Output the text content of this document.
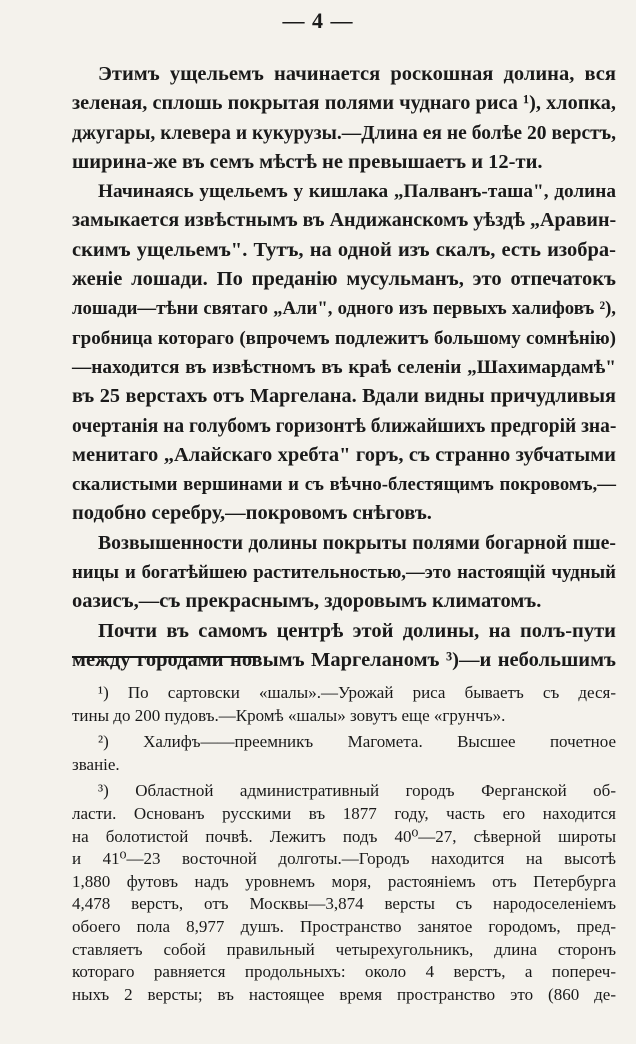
— 4 —

Этимъ ущельемъ начинается роскошная долина, вся
зеленая, сплошь покрытая полями чуднаго риса ¹), хлопка,
джугары, клевера и кукурузы.—Длина ея не болѣе 20 верстъ,
ширина-же въ семъ мѣстѣ не превышаетъ и 12-ти.

Начинаясь ущельемъ у кишлака „Палванъ-таша", долина
замыкается извѣстнымъ въ Андижанскомъ уѣздѣ „Аравин-
скимъ ущельемъ". Тутъ, на одной изъ скалъ, есть изобра-
женіе лошади. По преданію мусульманъ, это отпечатокъ
лошади—тѣни святаго „Али", одного изъ первыхъ халифовъ ²),
гробница котораго (впрочемъ подлежитъ большому сомнѣнію)
—находится въ извѣстномъ въ краѣ селеніи „Шахимардамѣ"
въ 25 верстахъ отъ Маргелана. Вдали видны причудливыя
очертанія на голубомъ горизонтѣ ближайшихъ предгорій зна-
менитаго „Алайскаго хребта" горъ, съ странно зубчатыми
скалистыми вершинами и съ вѣчно-блестящимъ покровомъ,—
подобно серебру,—покровомъ снѣговъ.

Возвышенности долины покрыты полями богарной пше-
ницы и богатѣйшею растительностью,—это настоящій чудный
оазисъ,—съ прекраснымъ, здоровымъ климатомъ.

Почти въ самомъ центрѣ этой долины, на полъ-пути
между городами новымъ Маргеланомъ ³)—и небольшимъ

¹) По сартовски «шалы».—Урожай риса бываетъ съ деся-
тины до 200 пудовъ.—Кромѣ «шалы» зовутъ еще «грунчъ».

²) Халифъ——преемникъ Магомета. Высшее почетное
званіе.

³) Областной административный городъ Ферганской об-
ласти. Основанъ русскими въ 1877 году, часть его находится
на болотистой почвѣ. Лежитъ подъ 40⁰—27, сѣверной широты
и 41⁰—23 восточной долготы.—Городъ находится на высотѣ
1,880 футовъ надъ уровнемъ моря, растояніемъ отъ Петербурга
4,478 верстъ, отъ Москвы—3,874 версты съ народоселеніемъ
обоего пола 8,977 душъ. Пространство занятое городомъ, пред-
ставляетъ собой правильный четырехугольникъ, длина сторонъ
котораго равняется продольныхъ: около 4 верстъ, а попереч-
ныхъ 2 версты; въ настоящее время пространство это (860 де-
